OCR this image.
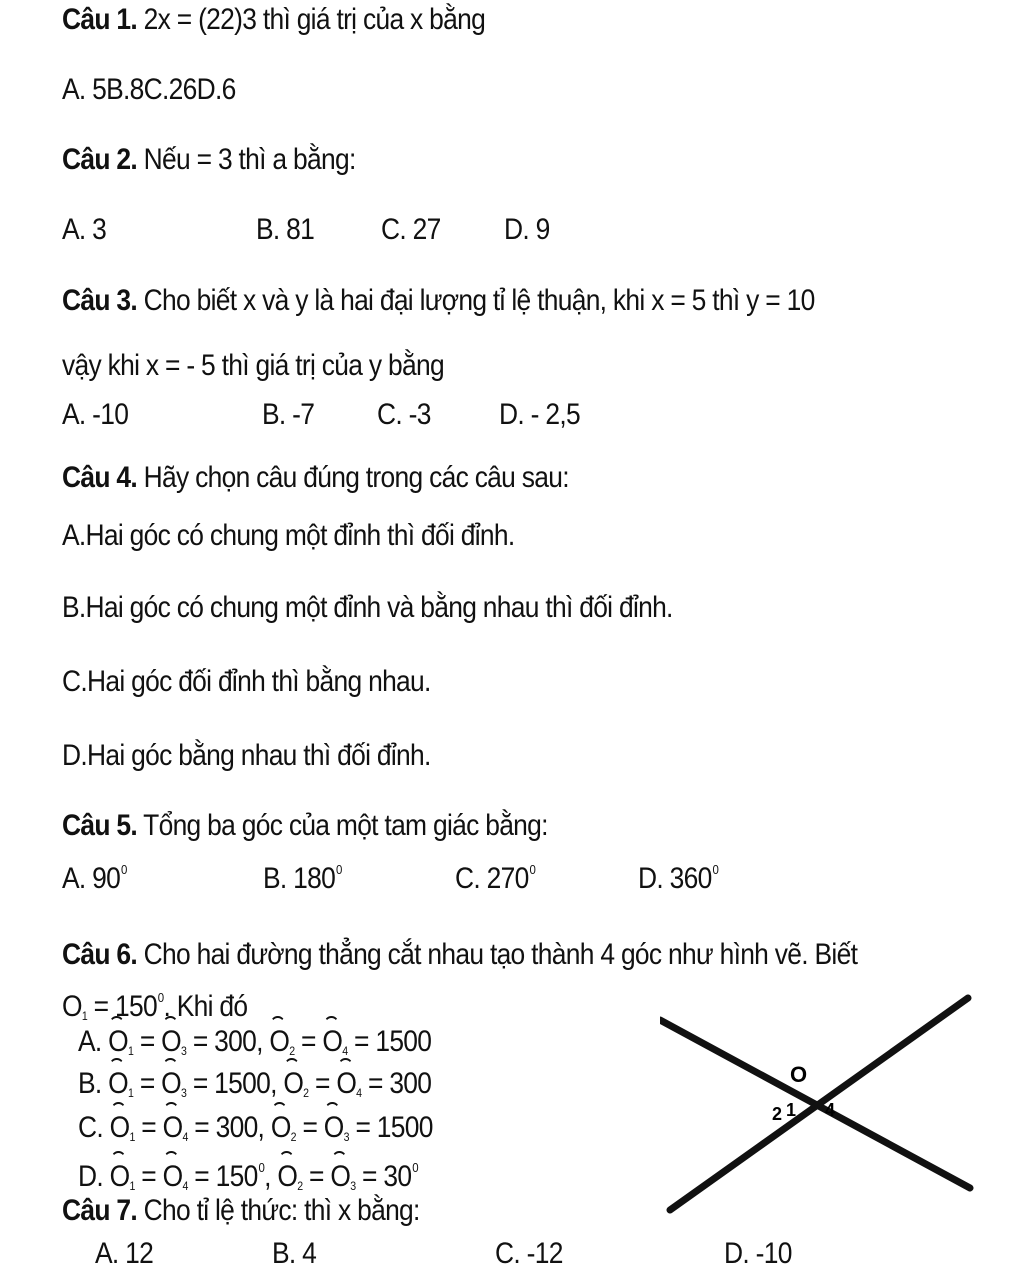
Câu 1. 2x = (22)3 thì giá trị của x bằng
A. 5B.8C.26D.6
Câu 2. Nếu = 3 thì a bằng:
A. 3	B. 81 C. 27 D. 9
Câu 3. Cho biết x và y là hai đại lượng tỉ lệ thuận, khi x = 5 thì y = 10
vậy khi x = - 5 thì giá trị của y bằng
A. -10	B. -7 C. -3 D. - 2,5
Câu 4. Hãy chọn câu đúng trong các câu sau:
A.Hai góc có chung một đỉnh thì đối đỉnh.
B.Hai góc có chung một đỉnh và bằng nhau thì đối đỉnh.
C.Hai góc đối đỉnh thì bằng nhau.
D.Hai góc bằng nhau thì đối đỉnh.
Câu 5. Tổng ba góc của một tam giác bằng:
A. $90^0$	B. $180^0$	C. $270^0$	D. $360^0$
Câu 6. Cho hai đường thẳng cắt nhau tạo thành 4 góc như hình vẽ. Biết
$O_1 = 150^0$. Khi đó
A. $O_1 = O_3 = 300$, $O_2 = O_4 = 1500$
B. $O_1 = O_3 = 1500$, $O_2 = O_4 = 300$
C. $O_1 = O_4 = 300$, $O_2 = O_3 = 1500$
D. $O_1 = O_4 = 150^0$, $O_2 = O_3 = 30^0$
O
2 1 4
Câu 7. Cho tỉ lệ thức: thì x bằng:
A. 12	B. 4	C. -12	D. -10
